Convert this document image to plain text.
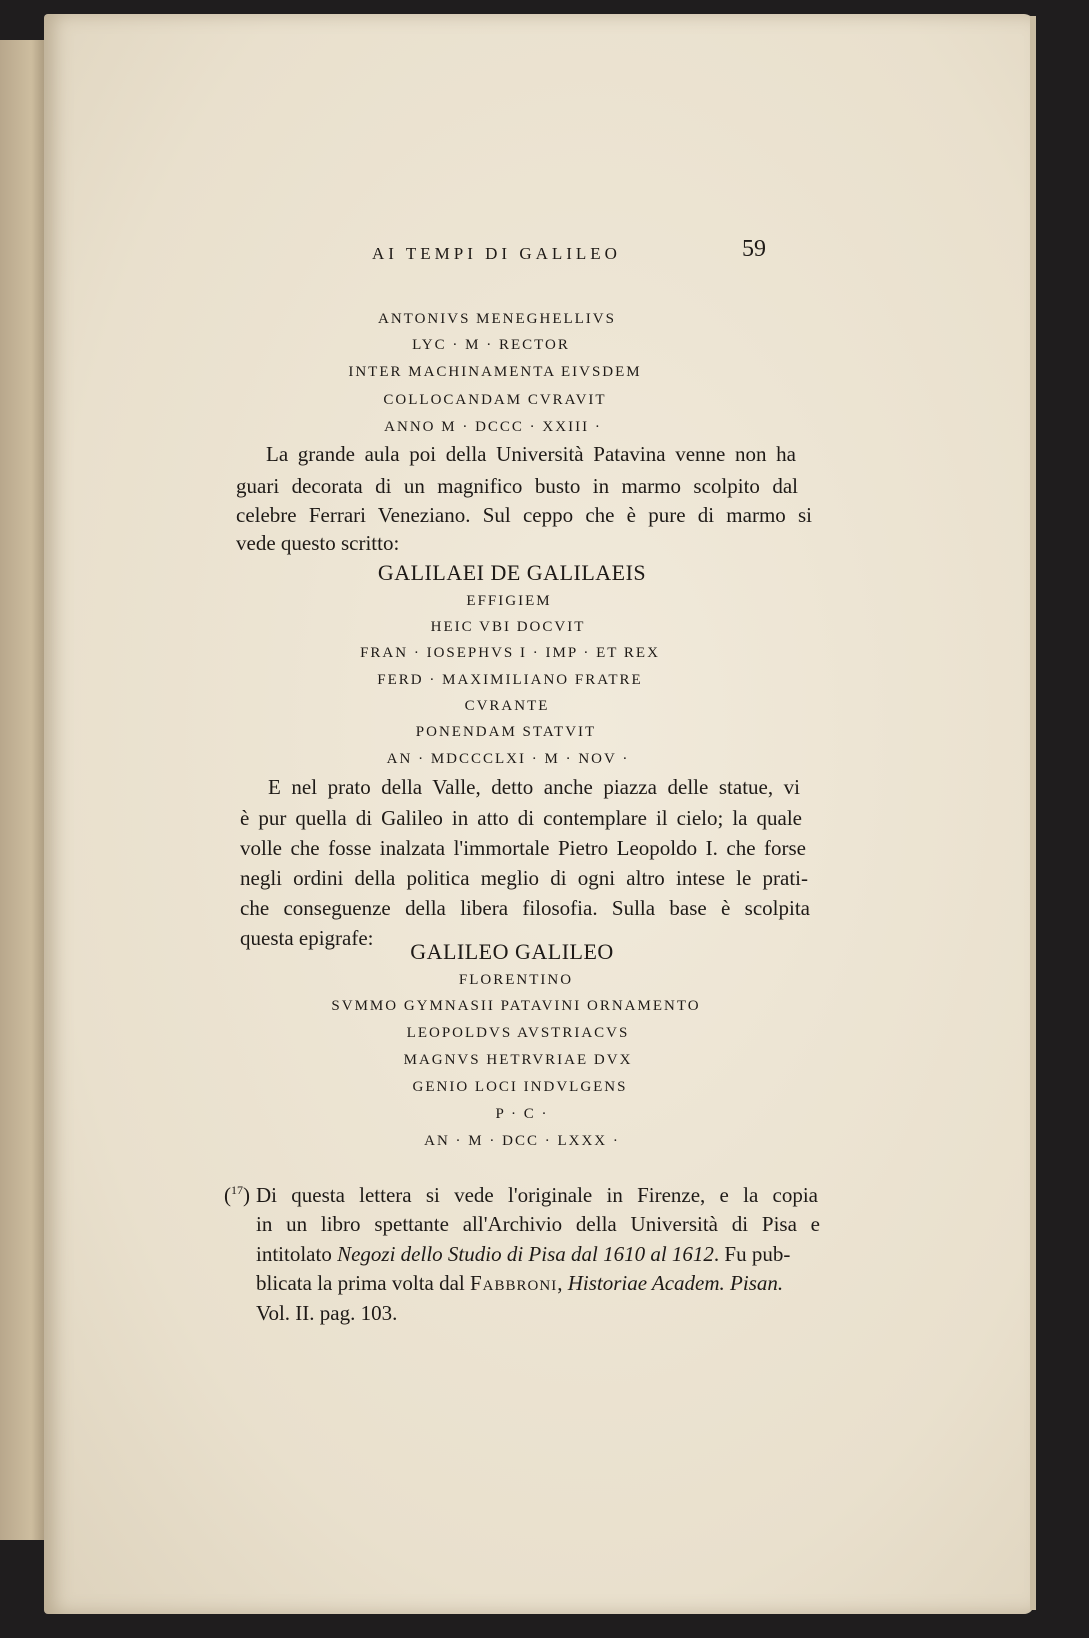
AI TEMPI DI GALILEO	59
ANTONIVS MENEGHELLIVS
LYC · M · RECTOR
INTER MACHINAMENTA EIVSDEM
COLLOCANDAM CVRAVIT
ANNO M · DCCC · XXIII ·
La grande aula poi della Università Patavina venne non ha
guari decorata di un magnifico busto in marmo scolpito dal
celebre Ferrari Veneziano. Sul ceppo che è pure di marmo si
vede questo scritto:
GALILAEI DE GALILAEIS
EFFIGIEM
HEIC VBI DOCVIT
FRAN · IOSEPHVS I · IMP · ET REX
FERD · MAXIMILIANO FRATRE
CVRANTE
PONENDAM STATVIT
AN · MDCCCLXI · M · NOV ·
E nel prato della Valle, detto anche piazza delle statue, vi
è pur quella di Galileo in atto di contemplare il cielo; la quale
volle che fosse inalzata l'immortale Pietro Leopoldo I. che forse
negli ordini della politica meglio di ogni altro intese le prati-
che conseguenze della libera filosofia. Sulla base è scolpita
questa epigrafe:
GALILEO GALILEO
FLORENTINO
SVMMO GYMNASII PATAVINI ORNAMENTO
LEOPOLDVS AVSTRIACVS
MAGNVS HETRVRIAE DVX
GENIO LOCI INDVLGENS
P · C ·
AN · M · DCC · LXXX ·
($^{17}$) Di questa lettera si vede l'originale in Firenze, e la copia
in un libro spettante all'Archivio della Università di Pisa e
intitolato Negozi dello Studio di Pisa dal 1610 al 1612. Fu pub-
blicata la prima volta dal Fabbroni, Historiae Academ. Pisan.
Vol. II. pag. 103.
